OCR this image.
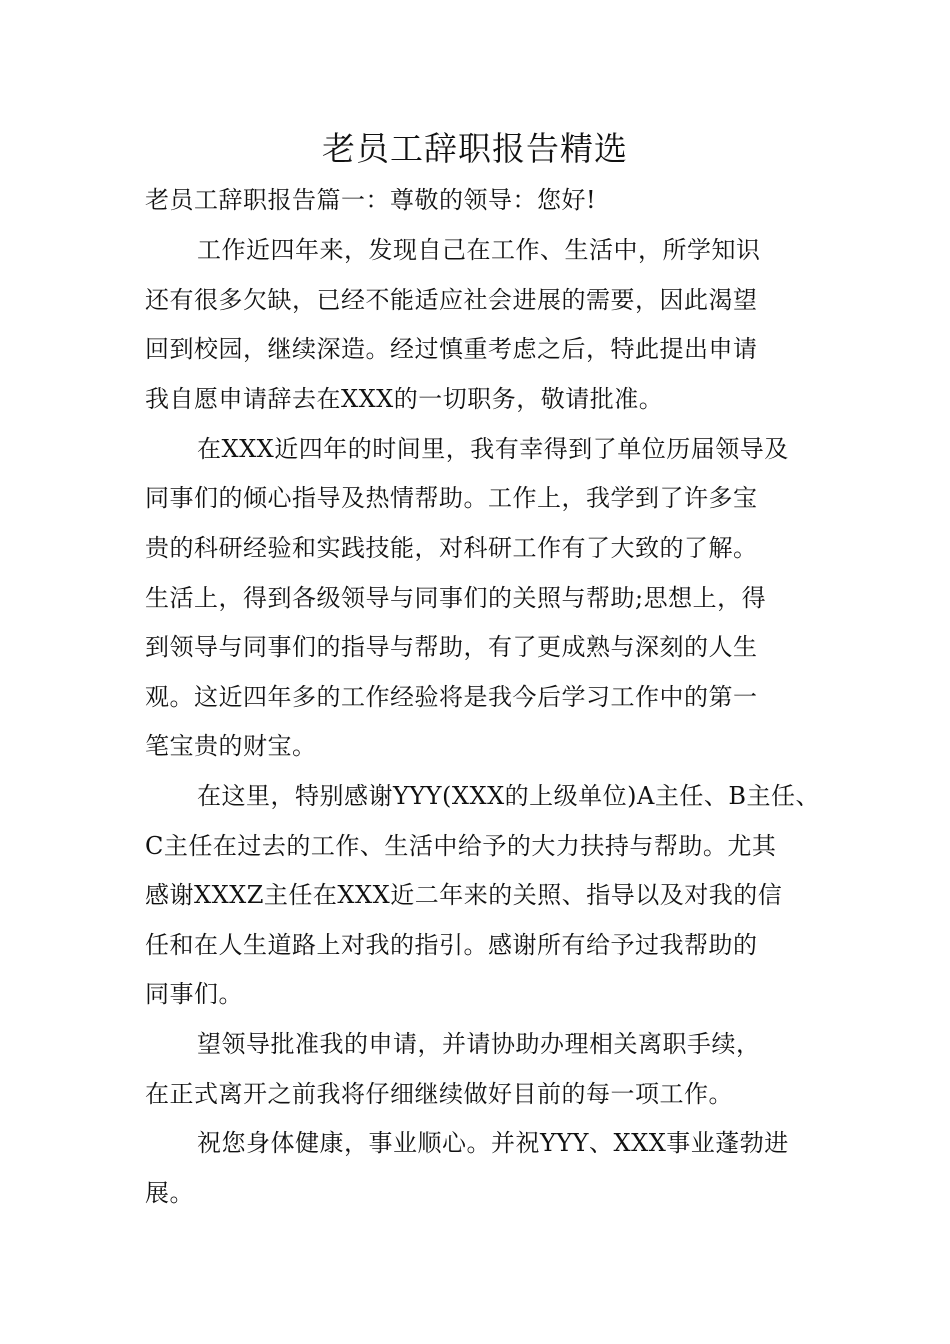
老员工辞职报告精选

老员工辞职报告篇一：尊敬的领导：您好!

工作近四年来，发现自己在工作、生活中，所学知识

还有很多欠缺，已经不能适应社会进展的需要，因此渴望

回到校园，继续深造。经过慎重考虑之后，特此提出申请

我自愿申请辞去在XXX的一切职务，敬请批准。

在XXX近四年的时间里，我有幸得到了单位历届领导及

同事们的倾心指导及热情帮助。工作上，我学到了许多宝

贵的科研经验和实践技能，对科研工作有了大致的了解。

生活上，得到各级领导与同事们的关照与帮助;思想上，得

到领导与同事们的指导与帮助，有了更成熟与深刻的人生

观。这近四年多的工作经验将是我今后学习工作中的第一

笔宝贵的财宝。

在这里，特别感谢YYY(XXX的上级单位)A主任、B主任、

C主任在过去的工作、生活中给予的大力扶持与帮助。尤其

感谢XXXZ主任在XXX近二年来的关照、指导以及对我的信

任和在人生道路上对我的指引。感谢所有给予过我帮助的

同事们。

望领导批准我的申请，并请协助办理相关离职手续，

在正式离开之前我将仔细继续做好目前的每一项工作。

祝您身体健康，事业顺心。并祝YYY、XXX事业蓬勃进

展。
